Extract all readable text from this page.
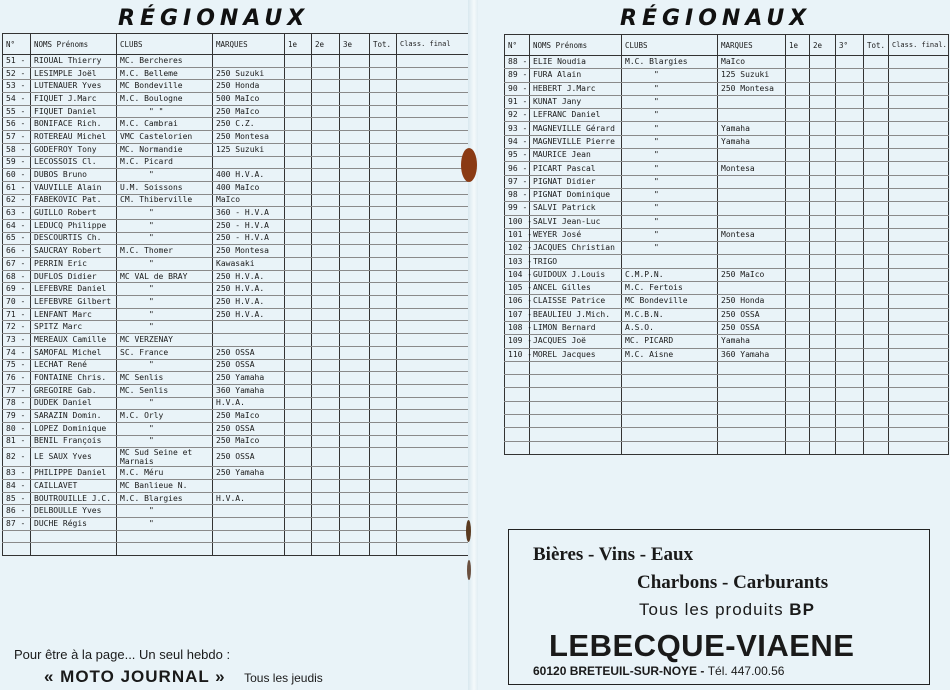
RÉGIONAUX
N°	NOMS Prénoms	CLUBS	MARQUES	1e	2e	3e	Tot.	Class. final
51 -	RIOUAL Thierry	MC. Bercheres						
52 -	LESIMPLE Joël	M.C. Belleme	250 Suzuki					
53 -	LUTENAUER Yves	MC Bondeville	250 Honda					
54 -	FIQUET J.Marc	M.C. Boulogne	500 MaIco					
55 -	FIQUET Daniel	" "	250 MaIco					
56 -	BONIFACE Rich.	M.C. Cambrai	250 C.Z.					
57 -	ROTEREAU Michel	VMC Castelorien	250 Montesa					
58 -	GODEFROY Tony	MC. Normandie	125 Suzuki					
59 -	LECOSSOIS Cl.	M.C. Picard						
60 -	DUBOS Bruno	"	400 H.V.A.					
61 -	VAUVILLE Alain	U.M. Soissons	400 MaIco					
62 -	FABEKOVIC Pat.	CM. Thiberville	MaIco					
63 -	GUILLO Robert	"	360 - H.V.A					
64 -	LEDUCQ Philippe	"	250 - H.V.A					
65 -	DESCOURTIS Ch.	"	250 - H.V.A					
66 -	SAUCRAY Robert	M.C. Thomer	250 Montesa					
67 -	PERRIN Eric	"	Kawasaki					
68 -	DUFLOS Didier	MC VAL de BRAY	250 H.V.A.					
69 -	LEFEBVRE Daniel	"	250 H.V.A.					
70 -	LEFEBVRE Gilbert	"	250 H.V.A.					
71 -	LENFANT Marc	"	250 H.V.A.					
72 -	SPITZ Marc	"						
73 -	MEREAUX Camille	MC VERZENAY						
74 -	SAMOFAL Michel	SC. France	250 OSSA					
75 -	LECHAT René	"	250 OSSA					
76 -	FONTAINE Chris.	MC Senlis	250 Yamaha					
77 -	GREGOIRE Gab.	MC. Senlis	360 Yamaha					
78 -	DUDEK Daniel	"	H.V.A.					
79 -	SARAZIN Domin.	M.C. Orly	250 MaIco					
80 -	LOPEZ Dominique	"	250 OSSA					
81 -	BENIL François	"	250 MaIco					
82 -	LE SAUX Yves	MC Sud Seine et Marnais	250 OSSA					
83 -	PHILIPPE Daniel	M.C. Méru	250 Yamaha					
84 -	CAILLAVET	MC Banlieue N.						
85 -	BOUTROUILLE J.C.	M.C. Blargies	H.V.A.					
86 -	DELBOULLE Yves	"						
87 -	DUCHE Régis	"						

Pour être à la page... Un seul hebdo :
« MOTO JOURNAL » Tous les jeudis
RÉGIONAUX
N°	NOMS Prénoms	CLUBS	MARQUES	1e	2e	3°	Tot.	Class. final.
88 -	ELIE Noudia	M.C. Blargies	MaIco					
89 -	FURA Alain	"	125 Suzuki					
90 -	HEBERT J.Marc	"	250 Montesa					
91 -	KUNAT Jany	"						
92 -	LEFRANC Daniel	"						
93 -	MAGNEVILLE Gérard	"	Yamaha					
94 -	MAGNEVILLE Pierre	"	Yamaha					
95 -	MAURICE Jean	"						
96 -	PICART Pascal	"	Montesa					
97 -	PIGNAT Didier	"						
98 -	PIGNAT Dominique	"						
99 -	SALVI Patrick	"						
100 -	SALVI Jean-Luc	"						
101 -	WEYER José	"	Montesa					
102 -	JACQUES Christian	"						
103 -	TRIGO							
104 -	GUIDOUX J.Louis	C.M.P.N.	250 MaIco					
105 -	ANCEL Gilles	M.C. Fertois						
106 -	CLAISSE Patrice	MC Bondeville	250 Honda					
107 -	BEAULIEU J.Mich.	M.C.B.N.	250 OSSA					
108 -	LIMON Bernard	A.S.O.	250 OSSA					
109 -	JACQUES Joë	MC. PICARD	Yamaha					
110 -	MOREL Jacques	M.C. Aisne	360 Yamaha					

Bières - Vins - Eaux
Charbons - Carburants
Tous les produits BP
LEBECQUE-VIAENE
60120 BRETEUIL-SUR-NOYE - Tél. 447.00.56
